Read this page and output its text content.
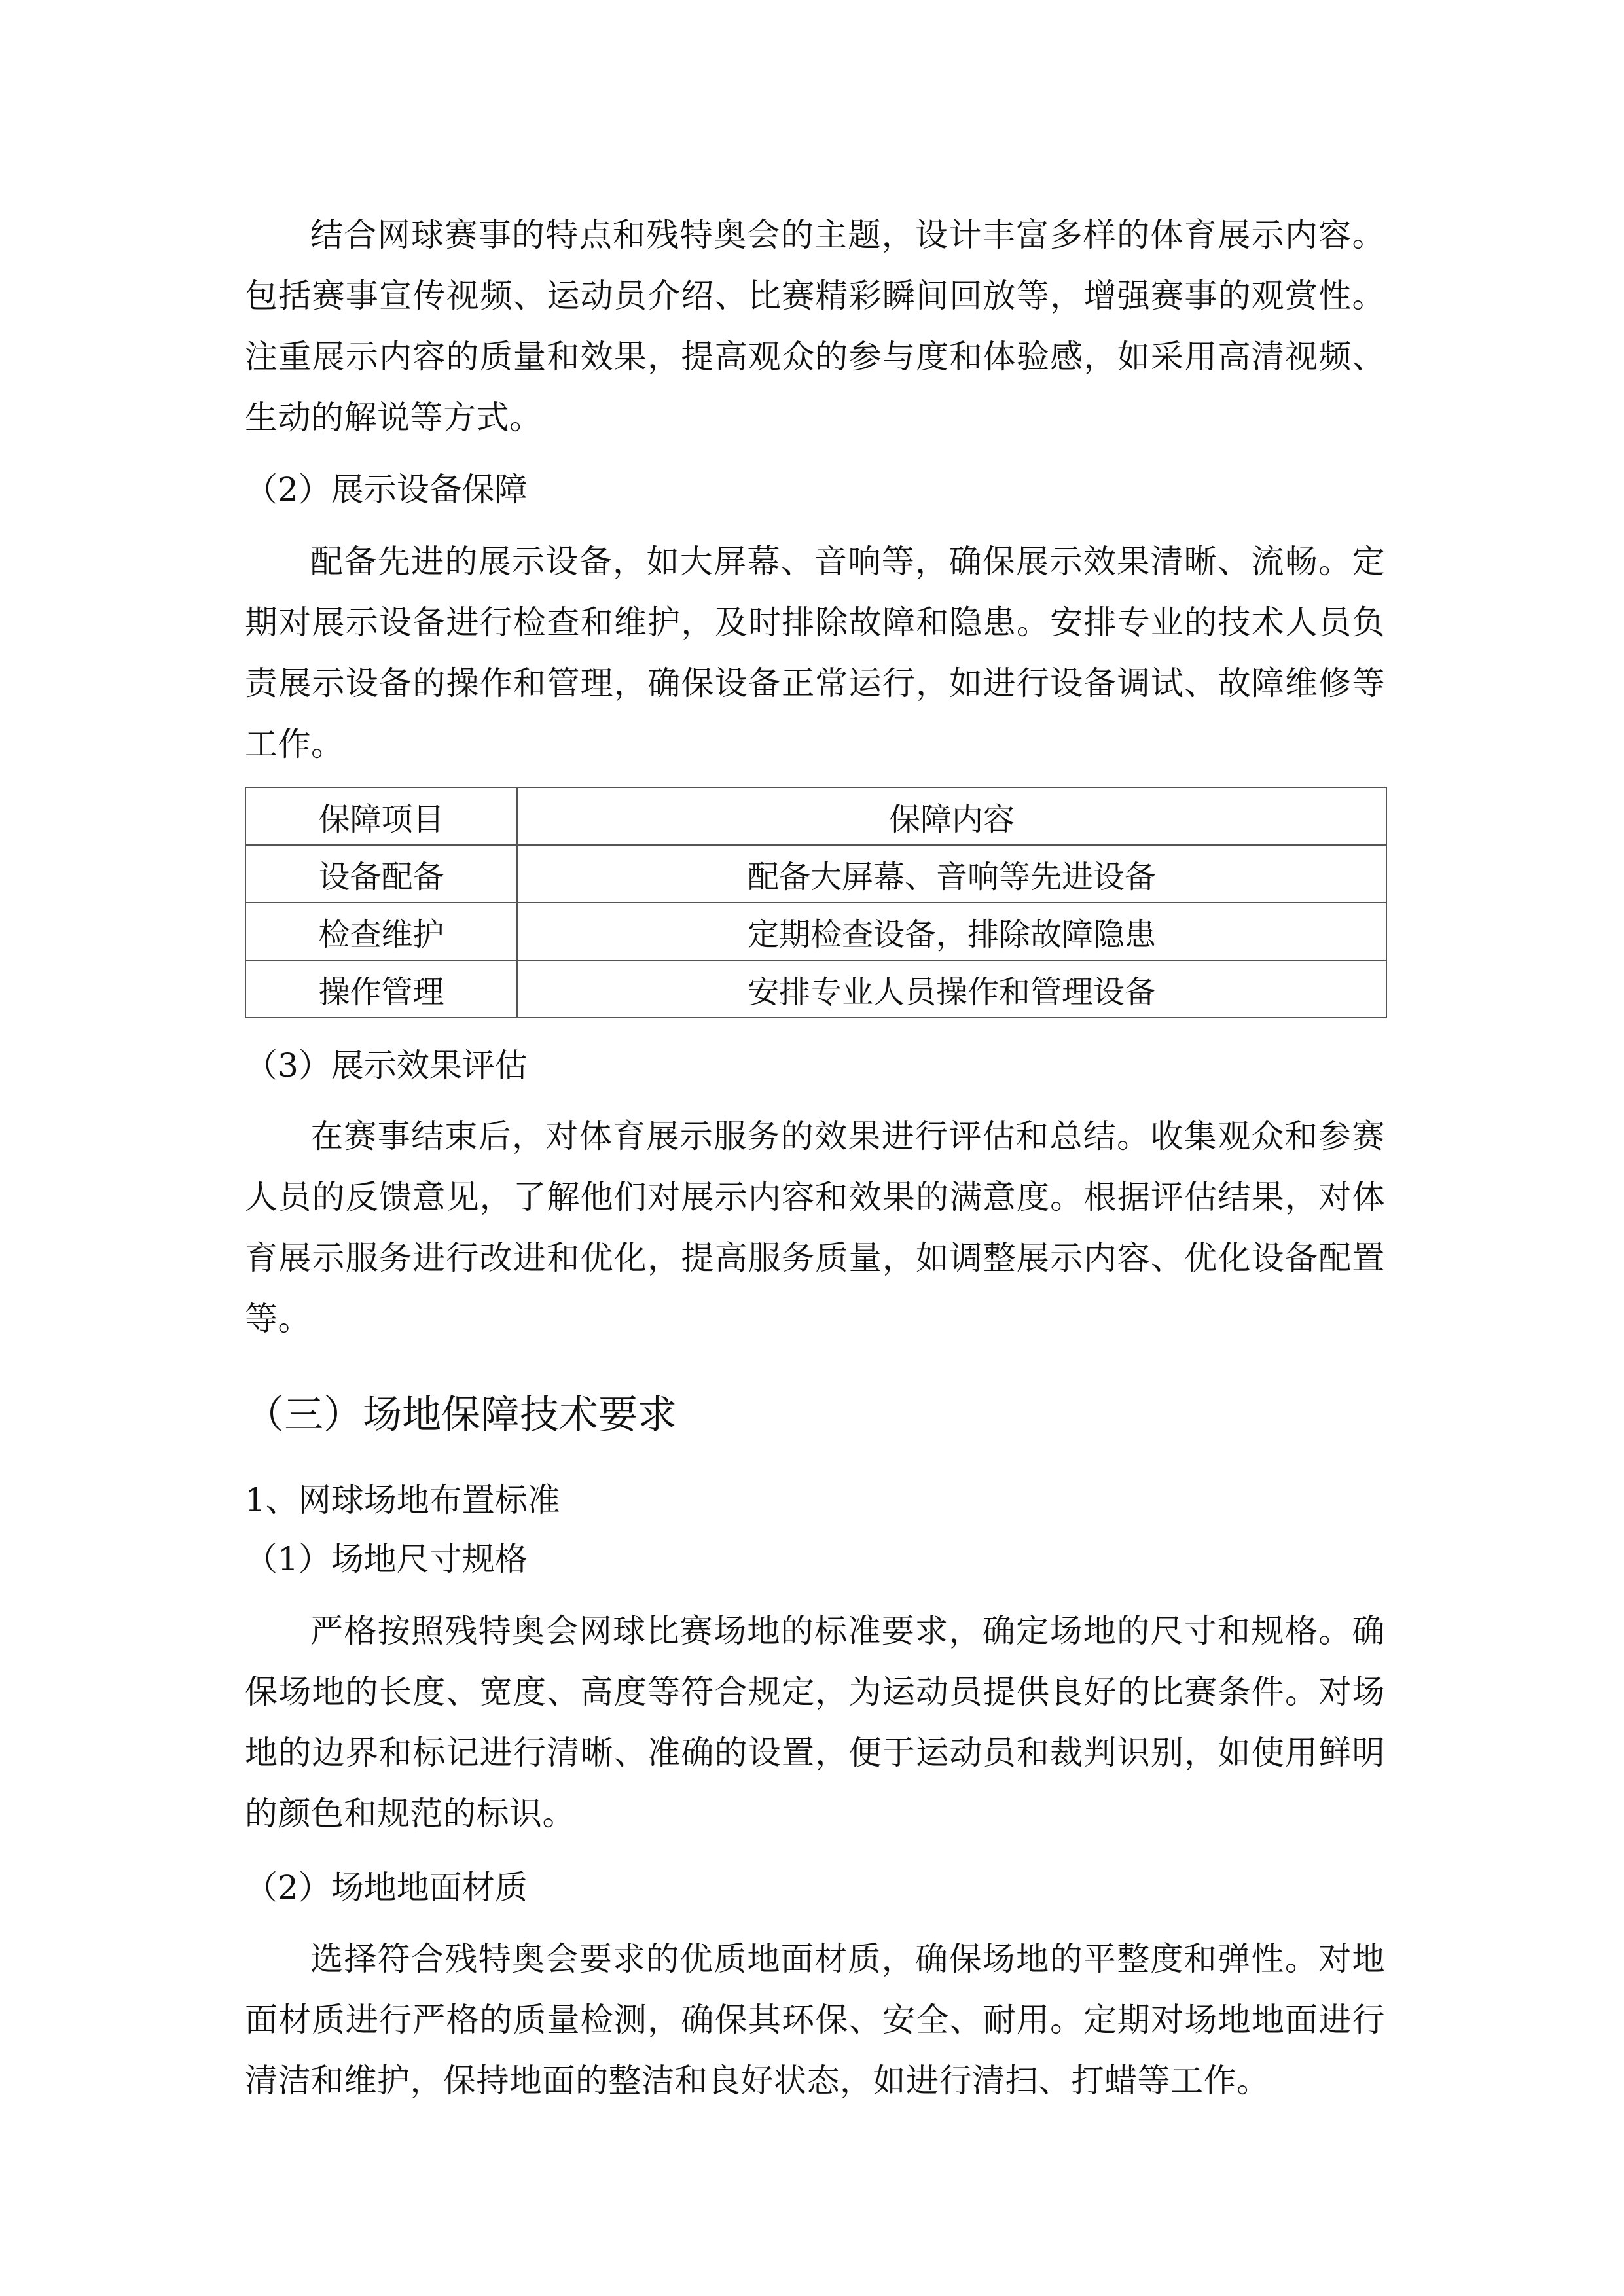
结合网球赛事的特点和残特奥会的主题，设计丰富多样的体育展示内容。包括赛事宣传视频、运动员介绍、比赛精彩瞬间回放等，增强赛事的观赏性。注重展示内容的质量和效果，提高观众的参与度和体验感，如采用高清视频、生动的解说等方式。

（2）展示设备保障

配备先进的展示设备，如大屏幕、音响等，确保展示效果清晰、流畅。定期对展示设备进行检查和维护，及时排除故障和隐患。安排专业的技术人员负责展示设备的操作和管理，确保设备正常运行，如进行设备调试、故障维修等工作。

保障项目	保障内容
设备配备	配备大屏幕、音响等先进设备
检查维护	定期检查设备，排除故障隐患
操作管理	安排专业人员操作和管理设备

（3）展示效果评估

在赛事结束后，对体育展示服务的效果进行评估和总结。收集观众和参赛人员的反馈意见，了解他们对展示内容和效果的满意度。根据评估结果，对体育展示服务进行改进和优化，提高服务质量，如调整展示内容、优化设备配置等。

（三）场地保障技术要求

1、网球场地布置标准

（1）场地尺寸规格

严格按照残特奥会网球比赛场地的标准要求，确定场地的尺寸和规格。确保场地的长度、宽度、高度等符合规定，为运动员提供良好的比赛条件。对场地的边界和标记进行清晰、准确的设置，便于运动员和裁判识别，如使用鲜明的颜色和规范的标识。

（2）场地地面材质

选择符合残特奥会要求的优质地面材质，确保场地的平整度和弹性。对地面材质进行严格的质量检测，确保其环保、安全、耐用。定期对场地地面进行清洁和维护，保持地面的整洁和良好状态，如进行清扫、打蜡等工作。
